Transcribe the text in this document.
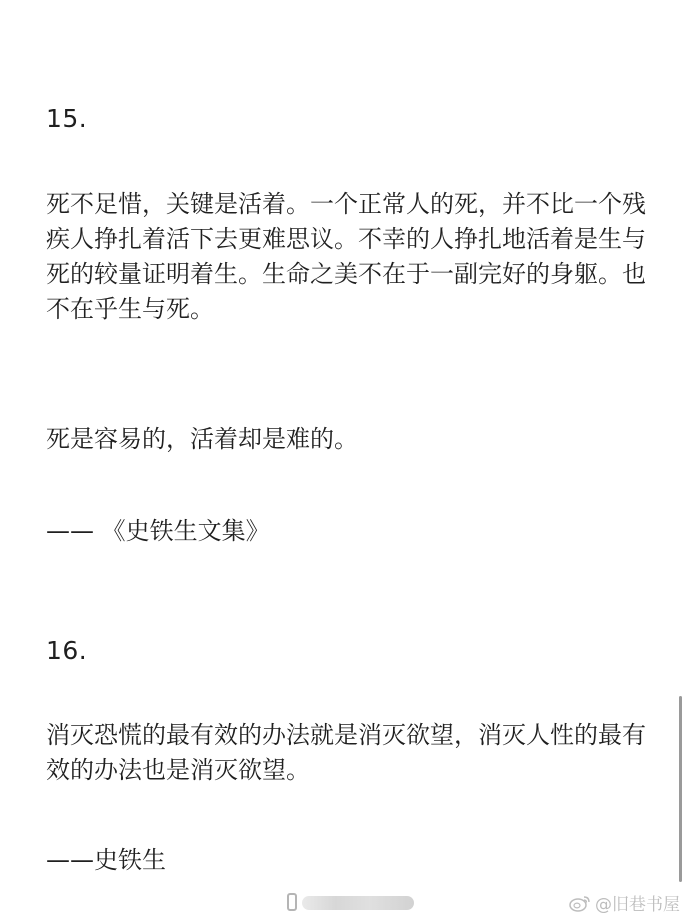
15.

死不足惜，关键是活着。一个正常人的死，并不比一个残疾人挣扎着活下去更难思议。不幸的人挣扎地活着是生与死的较量证明着生。生命之美不在于一副完好的身躯。也不在乎生与死。

死是容易的，活着却是难的。

—— 《史铁生文集》

16.

消灭恐慌的最有效的办法就是消灭欲望，消灭人性的最有效的办法也是消灭欲望。

——史铁生

@旧巷书屋
